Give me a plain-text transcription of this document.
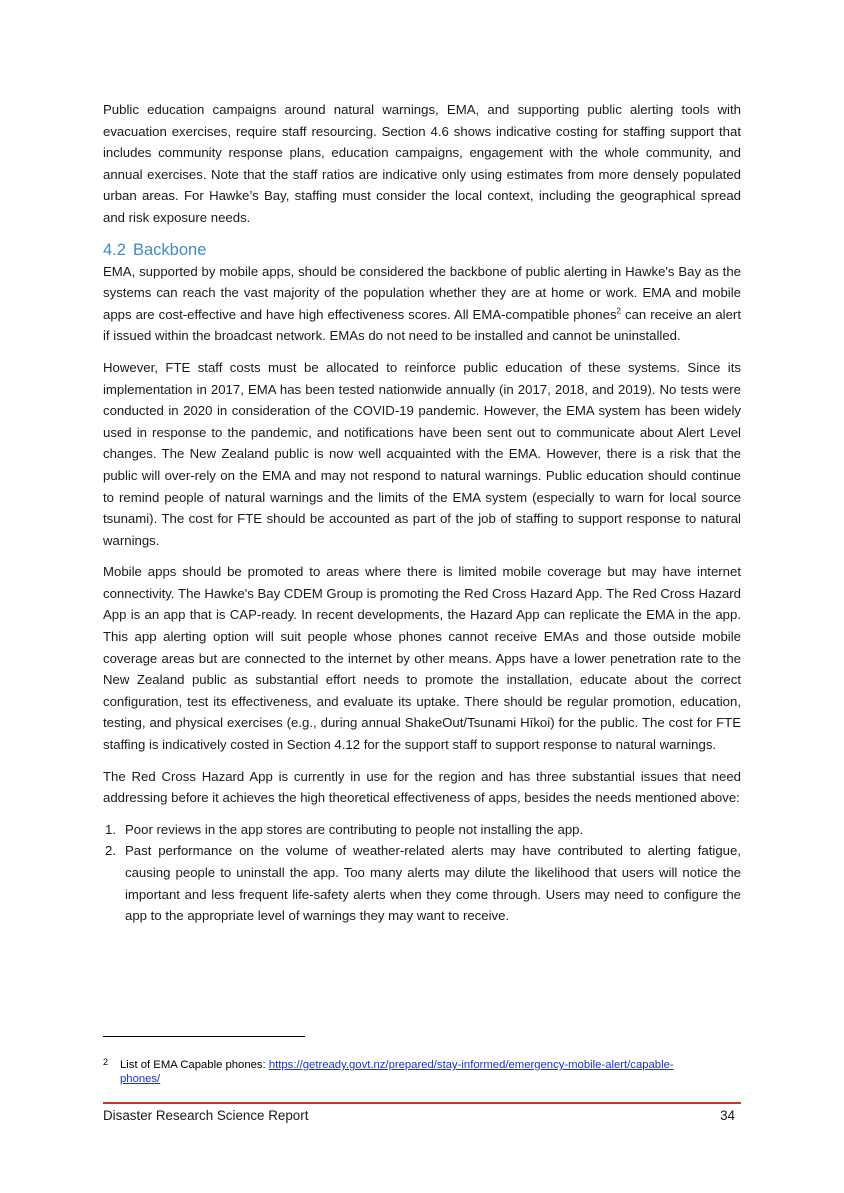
Public education campaigns around natural warnings, EMA, and supporting public alerting tools with evacuation exercises, require staff resourcing. Section 4.6 shows indicative costing for staffing support that includes community response plans, education campaigns, engagement with the whole community, and annual exercises. Note that the staff ratios are indicative only using estimates from more densely populated urban areas. For Hawke’s Bay, staffing must consider the local context, including the geographical spread and risk exposure needs.

4.2 Backbone

EMA, supported by mobile apps, should be considered the backbone of public alerting in Hawke's Bay as the systems can reach the vast majority of the population whether they are at home or work. EMA and mobile apps are cost-effective and have high effectiveness scores. All EMA-compatible phones$^2$ can receive an alert if issued within the broadcast network. EMAs do not need to be installed and cannot be uninstalled.

However, FTE staff costs must be allocated to reinforce public education of these systems. Since its implementation in 2017, EMA has been tested nationwide annually (in 2017, 2018, and 2019). No tests were conducted in 2020 in consideration of the COVID-19 pandemic. However, the EMA system has been widely used in response to the pandemic, and notifications have been sent out to communicate about Alert Level changes. The New Zealand public is now well acquainted with the EMA. However, there is a risk that the public will over-rely on the EMA and may not respond to natural warnings. Public education should continue to remind people of natural warnings and the limits of the EMA system (especially to warn for local source tsunami). The cost for FTE should be accounted as part of the job of staffing to support response to natural warnings.

Mobile apps should be promoted to areas where there is limited mobile coverage but may have internet connectivity. The Hawke's Bay CDEM Group is promoting the Red Cross Hazard App. The Red Cross Hazard App is an app that is CAP-ready. In recent developments, the Hazard App can replicate the EMA in the app. This app alerting option will suit people whose phones cannot receive EMAs and those outside mobile coverage areas but are connected to the internet by other means. Apps have a lower penetration rate to the New Zealand public as substantial effort needs to promote the installation, educate about the correct configuration, test its effectiveness, and evaluate its uptake. There should be regular promotion, education, testing, and physical exercises (e.g., during annual ShakeOut/Tsunami Hīkoi) for the public. The cost for FTE staffing is indicatively costed in Section 4.12 for the support staff to support response to natural warnings.

The Red Cross Hazard App is currently in use for the region and has three substantial issues that need addressing before it achieves the high theoretical effectiveness of apps, besides the needs mentioned above:

1. Poor reviews in the app stores are contributing to people not installing the app.
2. Past performance on the volume of weather-related alerts may have contributed to alerting fatigue, causing people to uninstall the app. Too many alerts may dilute the likelihood that users will notice the important and less frequent life-safety alerts when they come through. Users may need to configure the app to the appropriate level of warnings they may want to receive.
2	List of EMA Capable phones: https://getready.govt.nz/prepared/stay-informed/emergency-mobile-alert/capable-phones/
Disaster Research Science Report	34
